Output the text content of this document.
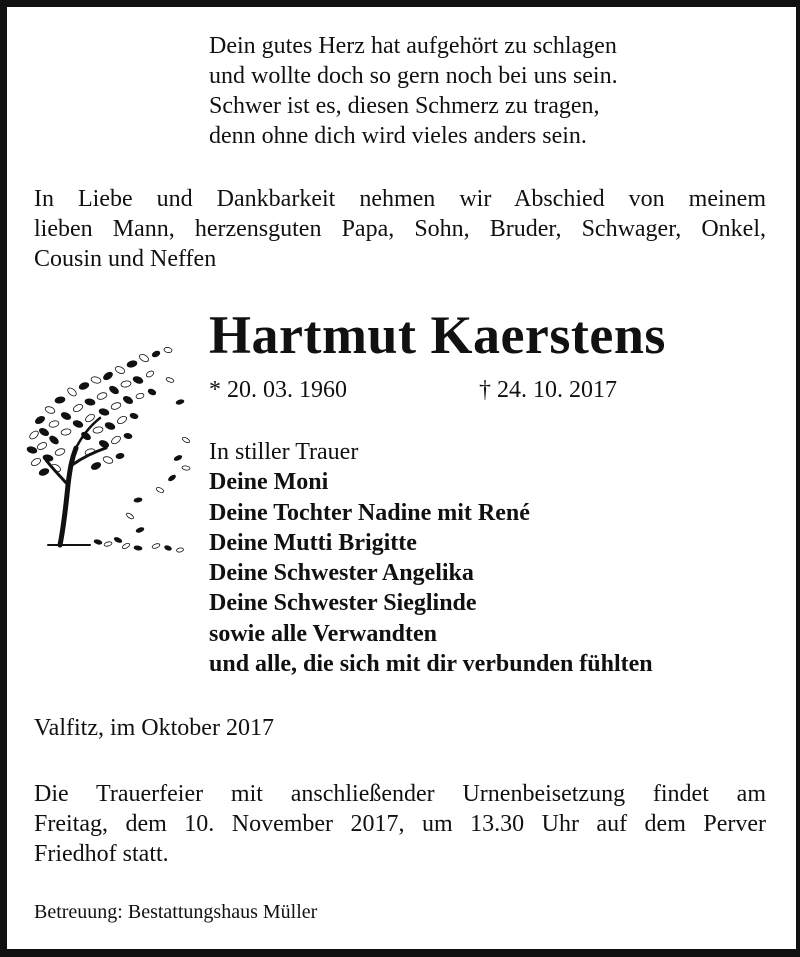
Dein gutes Herz hat aufgehört zu schlagen
und wollte doch so gern noch bei uns sein.
Schwer ist es, diesen Schmerz zu tragen,
denn ohne dich wird vieles anders sein.
In Liebe und Dankbarkeit nehmen wir Abschied von meinem
lieben Mann, herzensguten Papa, Sohn, Bruder, Schwager, Onkel,
Cousin und Neffen
Hartmut Kaerstens
* 20. 03. 1960	† 24. 10. 2017
In stiller Trauer
Deine Moni
Deine Tochter Nadine mit René
Deine Mutti Brigitte
Deine Schwester Angelika
Deine Schwester Sieglinde
sowie alle Verwandten
und alle, die sich mit dir verbunden fühlten
Valfitz, im Oktober 2017
Die Trauerfeier mit anschließender Urnenbeisetzung findet am
Freitag, dem 10. November 2017, um 13.30 Uhr auf dem Perver
Friedhof statt.
Betreuung: Bestattungshaus Müller
